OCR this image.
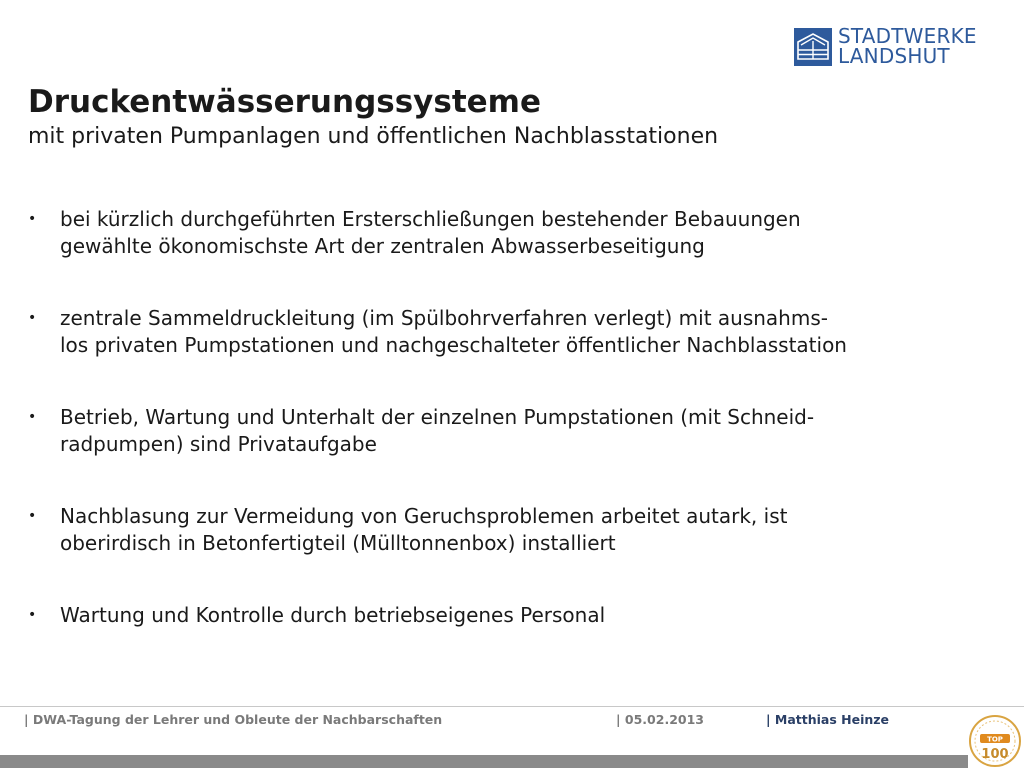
STADTWERKE
LANDSHUT
Druckentwässerungssysteme
mit privaten Pumpanlagen und öffentlichen Nachblasstationen
• bei kürzlich durchgeführten Ersterschließungen bestehender Bebauungen
gewählte ökonomischste Art der zentralen Abwasserbeseitigung
• zentrale Sammeldruckleitung (im Spülbohrverfahren verlegt) mit ausnahms-
los privaten Pumpstationen und nachgeschalteter öffentlicher Nachblasstation
• Betrieb, Wartung und Unterhalt der einzelnen Pumpstationen (mit Schneid-
radpumpen) sind Privataufgabe
• Nachblasung zur Vermeidung von Geruchsproblemen arbeitet autark, ist
oberirdisch in Betonfertigteil (Mülltonnenbox) installiert
• Wartung und Kontrolle durch betriebseigenes Personal
| DWA-Tagung der Lehrer und Obleute der Nachbarschaften	| 05.02.2013	| Matthias Heinze
TOP
100
